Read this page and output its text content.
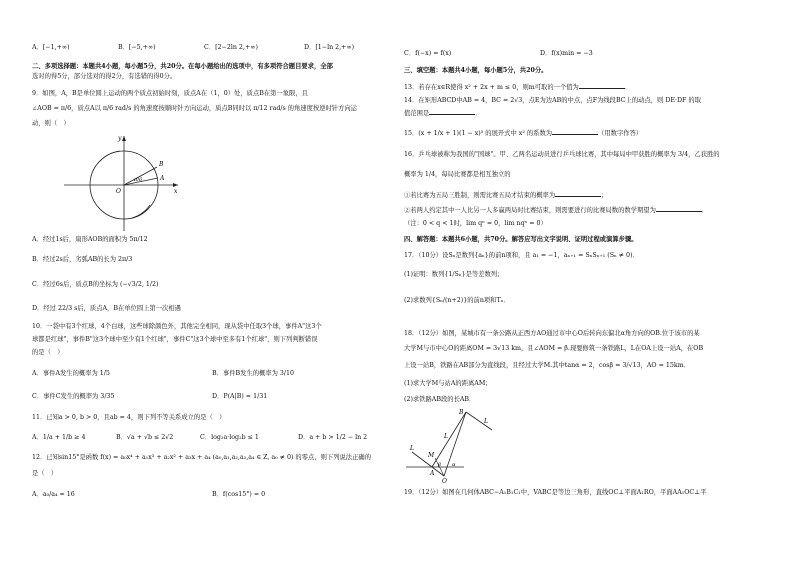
A．[−1,+∞)	B．[−5,+∞)	C．[2−2ln 2,+∞)	D．[1−ln 2,+∞)
二、多项选择题：本题共4小题，每小题5分，共20分。在每小题给出的选项中，有多项符合题目要求，全部
选对的得5分，部分选对的得2分，有选错的得0分。
9．如图，A，B是单位圆上运动的两个质点初始时刻，质点A在（1，0）处，质点B在第一象限，且
∠AOB = π/6，质点A以 π/6 rad/s 的角速度按顺时针方向运动，质点B同时以 π/12 rad/s 的角速度按逆时针方向运
动，则（　）
y
x
O
B
A
π/6
A．经过1s后，扇形AOB的面积为 5π/12
B．经过2s后，劣弧AB的长为 2π/3
C．经过6s后，质点B的坐标为 (−√3/2, 1/2)
D．经过 22/3 s后，质点A，B在单位圆上第一次相遇
10．一袋中有3个红球，4个白球，这些球除颜色外，其他完全相同，现从袋中任取3个球，事件A"这3个
球都是红球"，事件B"这3个球中至少有1个红球"，事件C"这3个球中至多有1个红球"，则下列判断错误
的是（　）
A．事件A发生的概率为 1/5	B．事件B发生的概率为 3/10
C．事件C发生的概率为 3/35	D．P(A|B) = 1/31
11．已知a > 0, b > 0，且ab = 4，则下列不等关系成立的是（　）
A．1/a + 1/b ≥ 4	B．√a + √b ≤ 2√2	C．log₂a·log₂b ≤ 1	D．a + b > 1/2 − ln 2
12．已知sin15°是函数 f(x) = a₀x⁴ + a₁x³ + a₂x² + a₃x + a₄ (a₀,a₁,a₂,a₃,a₄ ∈ Z, a₀ ≠ 0) 的零点，则下列说法正确的
是（　）
A．a₀/a₄ = 16	B．f(cos15°) = 0
C．f(−x) = f(x)	D．f(x)min = −3
三、填空题：本题共4小题，每小题5分，共20分。
13．若存在x∈R使得 x² + 2x + m ≤ 0，则m可取的一个值为	．
14．在矩形ABCD中AB = 4，BC = 2√3，点E为边AB的中点，点F为线段BC上的动点，则 DE·DF 的取
值范围是	．
15．(x + 1/x + 1)(1 − x)⁵ 的展开式中 x² 的系数为	（用数字作答）
16．乒乓球被称为我国的"国球"。甲、乙两名运动员进行乒乓球比赛，其中每局中甲获胜的概率为 3/4，乙获胜的
概率为 1/4，每局比赛都是相互独立的
①若比赛为五局三胜制，则需比赛五局才结束的概率为	；
②若两人约定其中一人比另一人多赢两局时比赛结束，则需要进行的比赛局数的数学期望为	．
（注：0 < q < 1时，lim qⁿ = 0，lim nqⁿ = 0）
四、解答题：本题共6小题，共70分。解答应写出文字说明、证明过程或演算步骤。
17．（10分）设Sₙ是数列{aₙ}的前n项和，且 a₁ = −1，aₙ₊₁ = SₙSₙ₊₁ (Sₙ ≠ 0)．
(1)证明：数列{1/Sₙ}是等差数列；
(2)求数列{Sₙ/(n+2)}的前n项和Tₙ．
18．（12分）如图，某城市有一条公路从正西方AO通过市中心O后转向东偏北α角方向的OB.位于该市的某
大学M与市中心O的距离OM = 3√13 km，且∠AOM = β.现要修筑一条铁路L，L在OA上设一站A，在OB
上设一站B，铁路在AB部分为直线段，且经过大学M.其中tanα = 2，cosβ = 3/√13，AO = 15km．
(1)求大学M与站A的距离AM；
(2)求铁路AB段的长AB．
B
L
L
L
M
A
O
β α
19．（12分）如图在几何体ABC−A₁B₁C₁中，VABC是等边三角形，直线OC⊥平面A₁RO，平面AA₁OC⊥平
